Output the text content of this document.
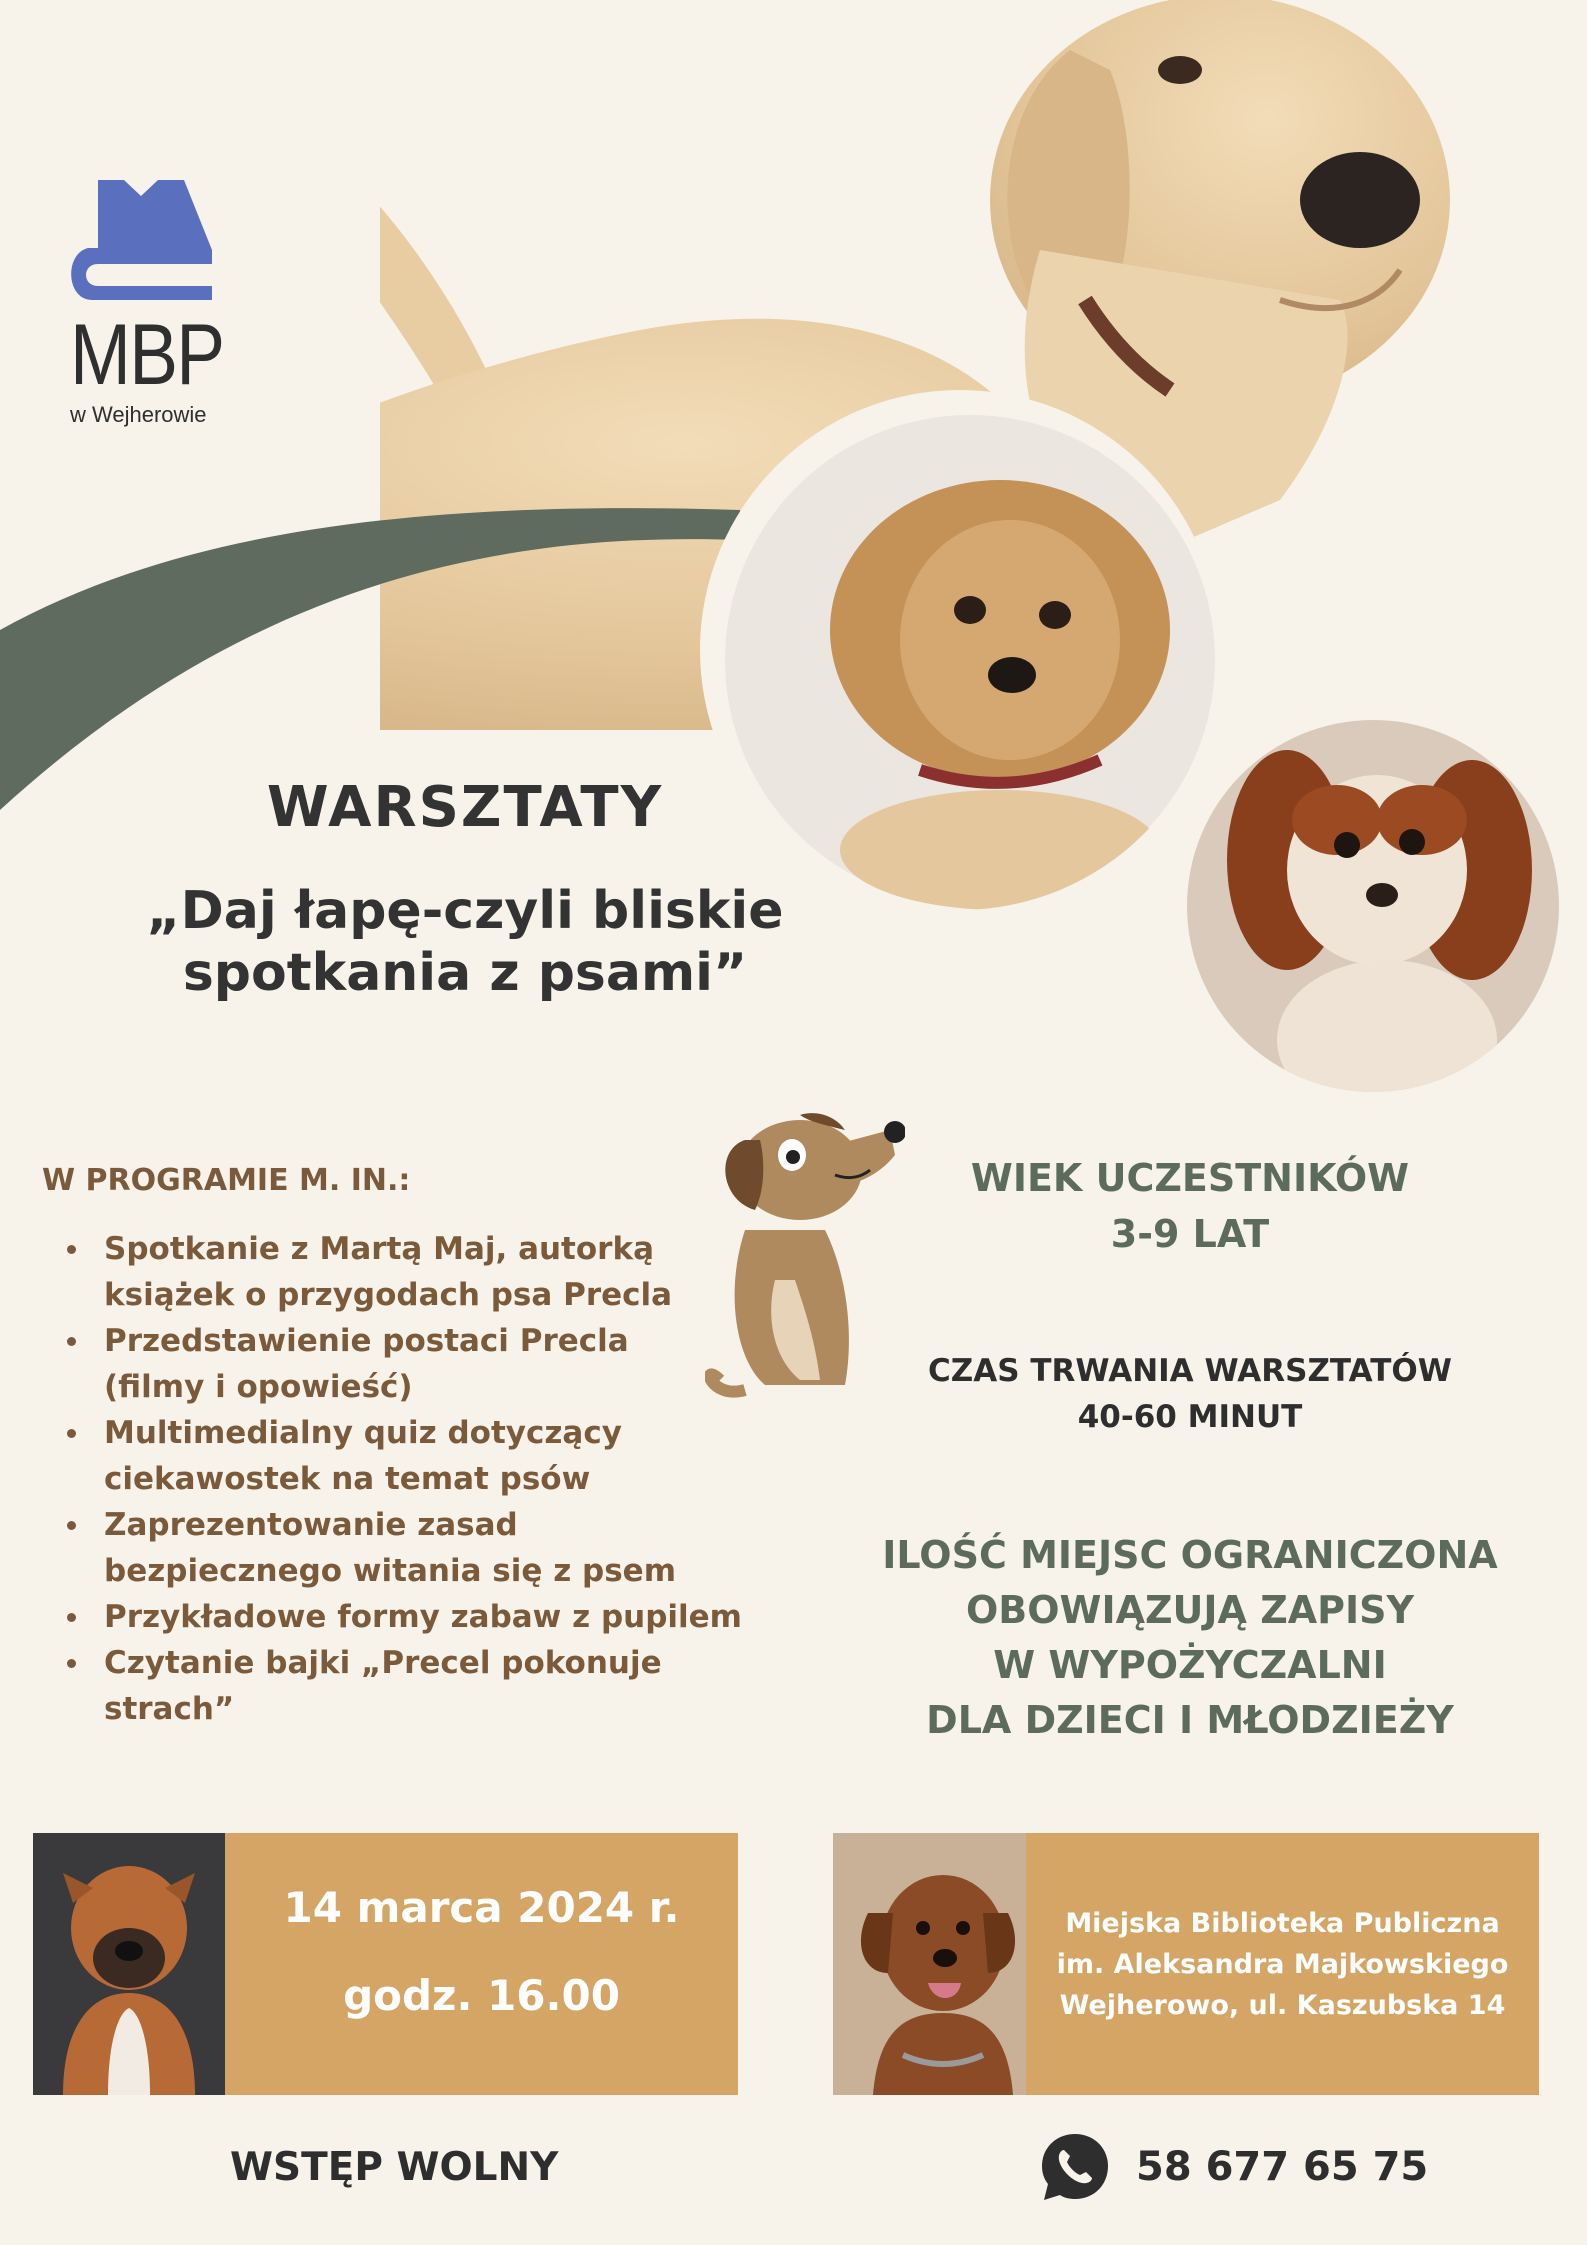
MBP
w Wejherowie
WARSZTATY
„Daj łapę-czyli bliskie
spotkania z psami”
W PROGRAMIE M. IN.:
Spotkanie z Martą Maj, autorką
książek o przygodach psa Precla
Przedstawienie postaci Precla
(filmy i opowieść)
Multimedialny quiz dotyczący
ciekawostek na temat psów
Zaprezentowanie zasad
bezpiecznego witania się z psem
Przykładowe formy zabaw z pupilem
Czytanie bajki „Precel pokonuje
strach”
WIEK UCZESTNIKÓW
3-9 LAT
CZAS TRWANIA WARSZTATÓW
40-60 MINUT
ILOŚĆ MIEJSC OGRANICZONA
OBOWIĄZUJĄ ZAPISY
W WYPOŻYCZALNI
DLA DZIECI I MŁODZIEŻY
14 marca 2024 r.
godz. 16.00
Miejska Biblioteka Publiczna
im. Aleksandra Majkowskiego
Wejherowo, ul. Kaszubska 14
WSTĘP WOLNY	58 677 65 75
